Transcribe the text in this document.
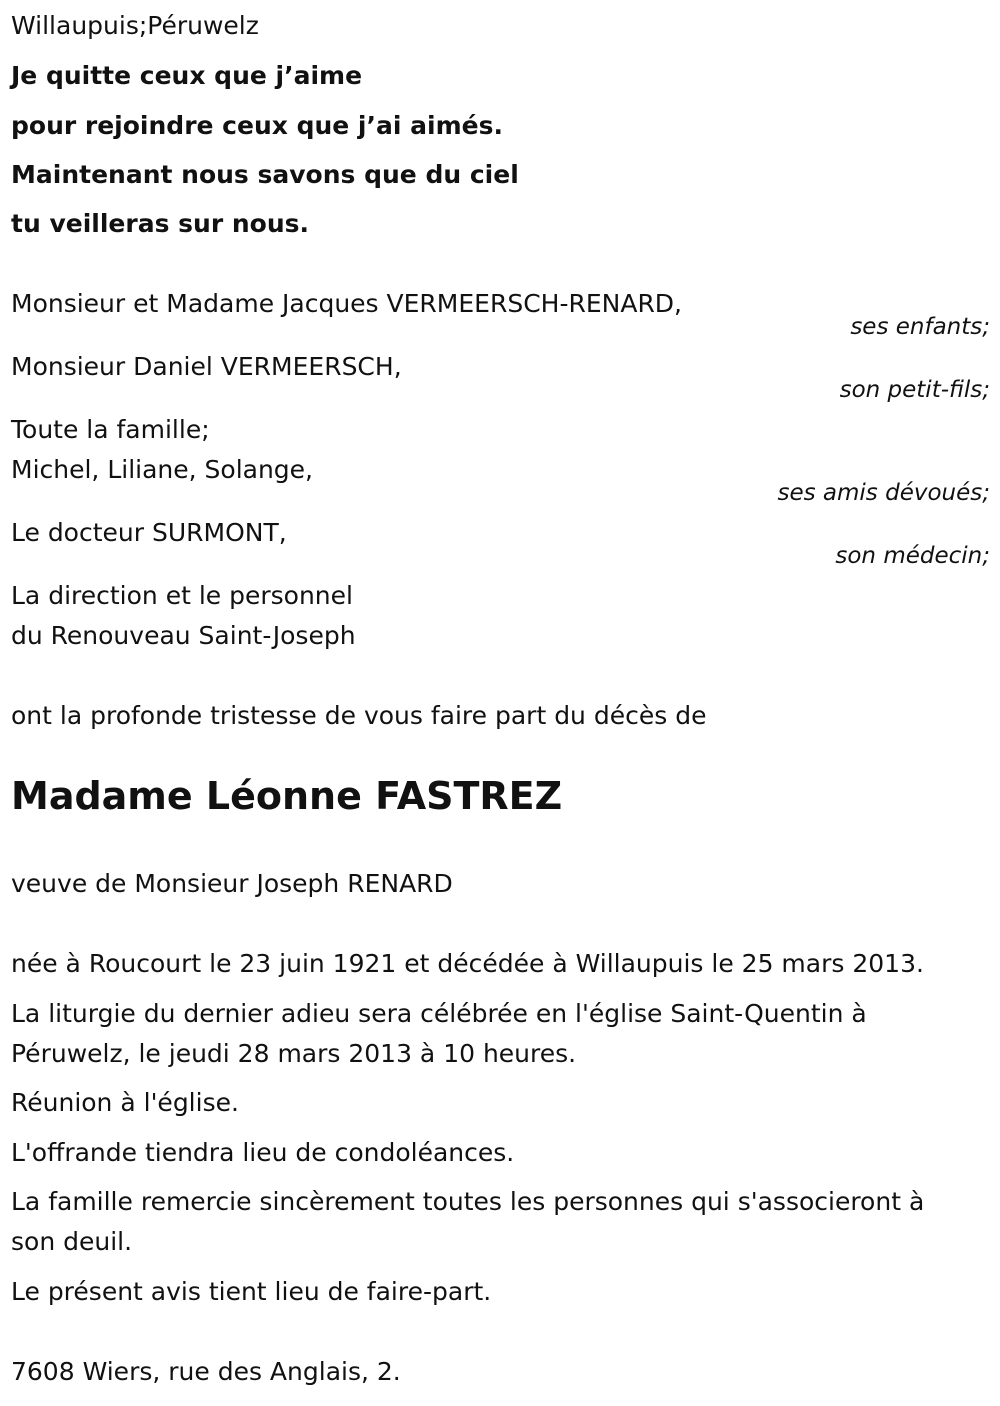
Willaupuis;Péruwelz
Je quitte ceux que j’aime
pour rejoindre ceux que j’ai aimés.
Maintenant nous savons que du ciel
tu veilleras sur nous.
Monsieur et Madame Jacques VERMEERSCH-RENARD,
ses enfants;
Monsieur Daniel VERMEERSCH,
son petit-fils;
Toute la famille;
Michel, Liliane, Solange,
ses amis dévoués;
Le docteur SURMONT,
son médecin;
La direction et le personnel
du Renouveau Saint-Joseph
ont la profonde tristesse de vous faire part du décès de
Madame Léonne FASTREZ
veuve de Monsieur Joseph RENARD
née à Roucourt le 23 juin 1921 et décédée à Willaupuis le 25 mars 2013.
La liturgie du dernier adieu sera célébrée en l'église Saint-Quentin à
Péruwelz, le jeudi 28 mars 2013 à 10 heures.
Réunion à l'église.
L'offrande tiendra lieu de condoléances.
La famille remercie sincèrement toutes les personnes qui s'associeront à
son deuil.
Le présent avis tient lieu de faire-part.
7608 Wiers, rue des Anglais, 2.
